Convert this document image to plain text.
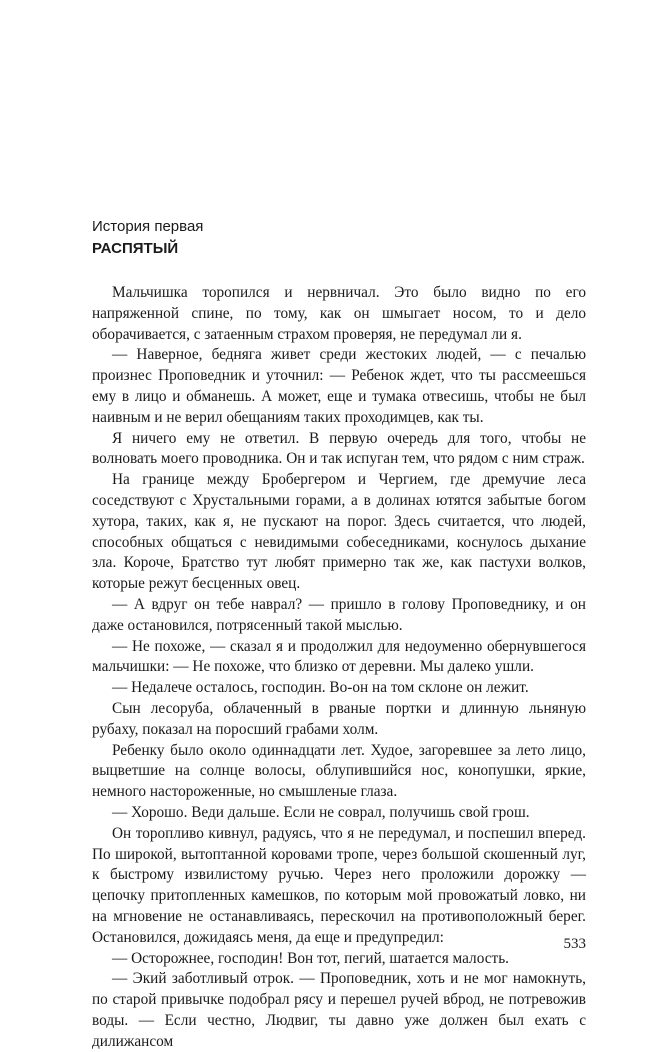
История первая
РАСПЯТЫЙ

Мальчишка торопился и нервничал. Это было видно по его напряженной спине, по тому, как он шмыгает носом, то и дело оборачивается, с затаенным страхом проверяя, не передумал ли я.

— Наверное, бедняга живет среди жестоких людей, — с печалью произнес Проповедник и уточнил: — Ребенок ждет, что ты рассмеешься ему в лицо и обманешь. А может, еще и тумака отвесишь, чтобы не был наивным и не верил обещаниям таких проходимцев, как ты.

Я ничего ему не ответил. В первую очередь для того, чтобы не волновать моего проводника. Он и так испуган тем, что рядом с ним страж.

На границе между Бробергером и Чергием, где дремучие леса соседствуют с Хрустальными горами, а в долинах ютятся забытые богом хутора, таких, как я, не пускают на порог. Здесь считается, что людей, способных общаться с невидимыми собеседниками, коснулось дыхание зла. Короче, Братство тут любят примерно так же, как пастухи волков, которые режут бесценных овец.

— А вдруг он тебе наврал? — пришло в голову Проповеднику, и он даже остановился, потрясенный такой мыслью.

— Не похоже, — сказал я и продолжил для недоуменно обернувшегося мальчишки: — Не похоже, что близко от деревни. Мы далеко ушли.

— Недалече осталось, господин. Во-он на том склоне он лежит.

Сын лесоруба, облаченный в рваные портки и длинную льняную рубаху, показал на поросший грабами холм.

Ребенку было около одиннадцати лет. Худое, загоревшее за лето лицо, выцветшие на солнце волосы, облупившийся нос, конопушки, яркие, немного настороженные, но смышленые глаза.

— Хорошо. Веди дальше. Если не соврал, получишь свой грош.

Он торопливо кивнул, радуясь, что я не передумал, и поспешил вперед. По широкой, вытоптанной коровами тропе, через большой скошенный луг, к быстрому извилистому ручью. Через него проложили дорожку — цепочку притопленных камешков, по которым мой провожатый ловко, ни на мгновение не останавливаясь, перескочил на противоположный берег. Остановился, дожидаясь меня, да еще и предупредил:

— Осторожнее, господин! Вон тот, пегий, шатается малость.

— Экий заботливый отрок. — Проповедник, хоть и не мог намокнуть, по старой привычке подобрал рясу и перешел ручей вброд, не потревожив воды. — Если честно, Людвиг, ты давно уже должен был ехать с дилижансом

533
